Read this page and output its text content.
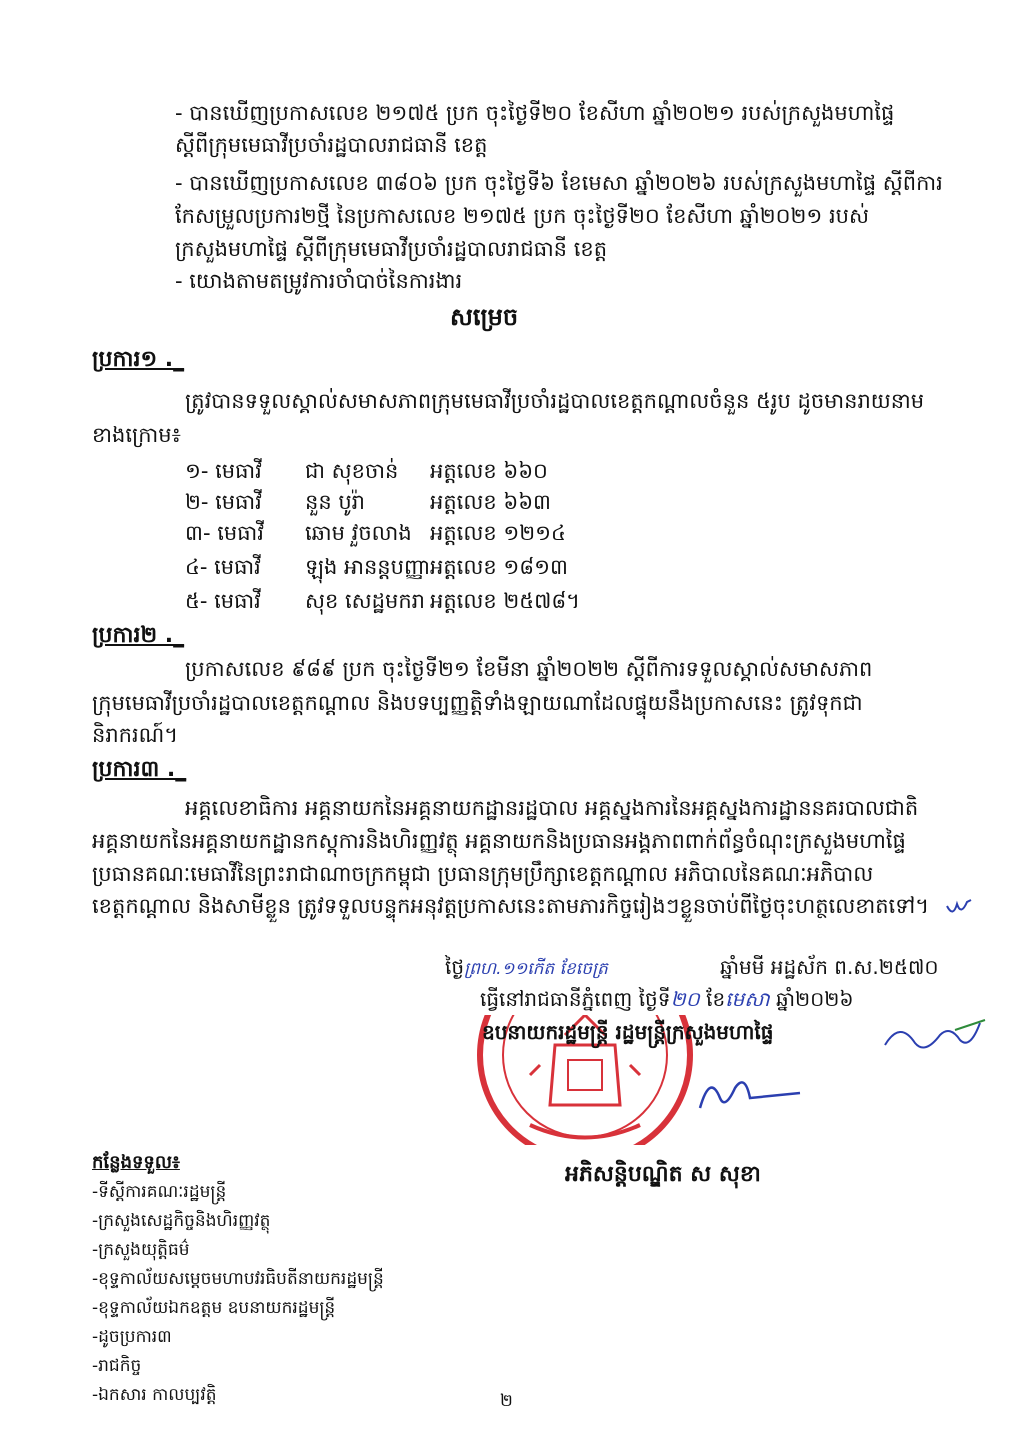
- បានឃើញប្រកាសលេខ ២១៧៥ ប្រក ចុះថ្ងៃទី២០ ខែសីហា ឆ្នាំ២០២១ របស់ក្រសួងមហាផ្ទៃ
ស្តីពីក្រុមមេធាវីប្រចាំរដ្ឋបាលរាជធានី ខេត្ត
- បានឃើញប្រកាសលេខ ៣៨០៦ ប្រក ចុះថ្ងៃទី៦ ខែមេសា ឆ្នាំ២០២៦ របស់ក្រសួងមហាផ្ទៃ ស្តីពីការ
កែសម្រួលប្រការ២ថ្មី នៃប្រកាសលេខ ២១៧៥ ប្រក ចុះថ្ងៃទី២០ ខែសីហា ឆ្នាំ២០២១ របស់
ក្រសួងមហាផ្ទៃ ស្តីពីក្រុមមេធាវីប្រចាំរដ្ឋបាលរាជធានី ខេត្ត
- យោងតាមតម្រូវការចាំបាច់នៃការងារ
សម្រេច
ប្រការ១ ._
ត្រូវបានទទួលស្គាល់សមាសភាពក្រុមមេធាវីប្រចាំរដ្ឋបាលខេត្តកណ្តាលចំនួន ៥រូប ដូចមានរាយនាម
ខាងក្រោម៖
១- មេធាវី ជា សុខចាន់ អត្តលេខ ៦៦០
២- មេធាវី នួន បូរ៉ា	អត្តលេខ ៦៦៣
៣- មេធាវី ឆោម វួចលាង អត្តលេខ ១២១៤
៤- មេធាវី ឡុង អានន្តបញ្ញា អត្តលេខ ១៨១៣
៥- មេធាវី សុខ សេដ្ឋមករា អត្តលេខ ២៥៧៨។
ប្រការ២ ._
ប្រកាសលេខ ៩៨៩ ប្រក ចុះថ្ងៃទី២១ ខែមីនា ឆ្នាំ២០២២ ស្តីពីការទទួលស្គាល់សមាសភាព
ក្រុមមេធាវីប្រចាំរដ្ឋបាលខេត្តកណ្តាល និងបទប្បញ្ញត្តិទាំងឡាយណាដែលផ្ទុយនឹងប្រកាសនេះ ត្រូវទុកជា
និរាករណ៍។
ប្រការ៣ ._
អគ្គលេខាធិការ អគ្គនាយកនៃអគ្គនាយកដ្ឋានរដ្ឋបាល អគ្គស្នងការនៃអគ្គស្នងការដ្ឋាននគរបាលជាតិ
អគ្គនាយកនៃអគ្គនាយកដ្ឋានកស្តុការនិងហិរញ្ញវត្ថុ អគ្គនាយកនិងប្រធានអង្គភាពពាក់ព័ន្ធចំណុះក្រសួងមហាផ្ទៃ
ប្រធានគណៈមេធាវីនៃព្រះរាជាណាចក្រកម្ពុជា ប្រធានក្រុមប្រឹក្សាខេត្តកណ្តាល អភិបាលនៃគណៈអភិបាល
ខេត្តកណ្តាល និងសាមីខ្លួន ត្រូវទទួលបន្ទុកអនុវត្តប្រកាសនេះតាមភារកិច្ចរៀងៗខ្លួនចាប់ពីថ្ងៃចុះហត្ថលេខាតទៅ។
ថ្ងៃព្រហ.១១កើត ខែចេត្រ	ឆ្នាំមមី អដ្ឋស័ក ព.ស.២៥៧០
ធ្វើនៅរាជធានីភ្នំពេញ ថ្ងៃទី២០ ខែមេសា ឆ្នាំ២០២៦
ឧបនាយករដ្ឋមន្ត្រី រដ្ឋមន្ត្រីក្រសួងមហាផ្ទៃ
អភិសន្តិបណ្ឌិត ស សុខា
កន្លែងទទួល៖
-ទីស្តីការគណៈរដ្ឋមន្ត្រី
-ក្រសួងសេដ្ឋកិច្ចនិងហិរញ្ញវត្ថុ
-ក្រសួងយុត្តិធម៌
-ខុទ្ទកាល័យសម្តេចមហាបវរធិបតីនាយករដ្ឋមន្ត្រី
-ខុទ្ទកាល័យឯកឧត្តម ឧបនាយករដ្ឋមន្ត្រី
-ដូចប្រការ៣
-រាជកិច្ច
-ឯកសារ កាលប្បវត្តិ	២
